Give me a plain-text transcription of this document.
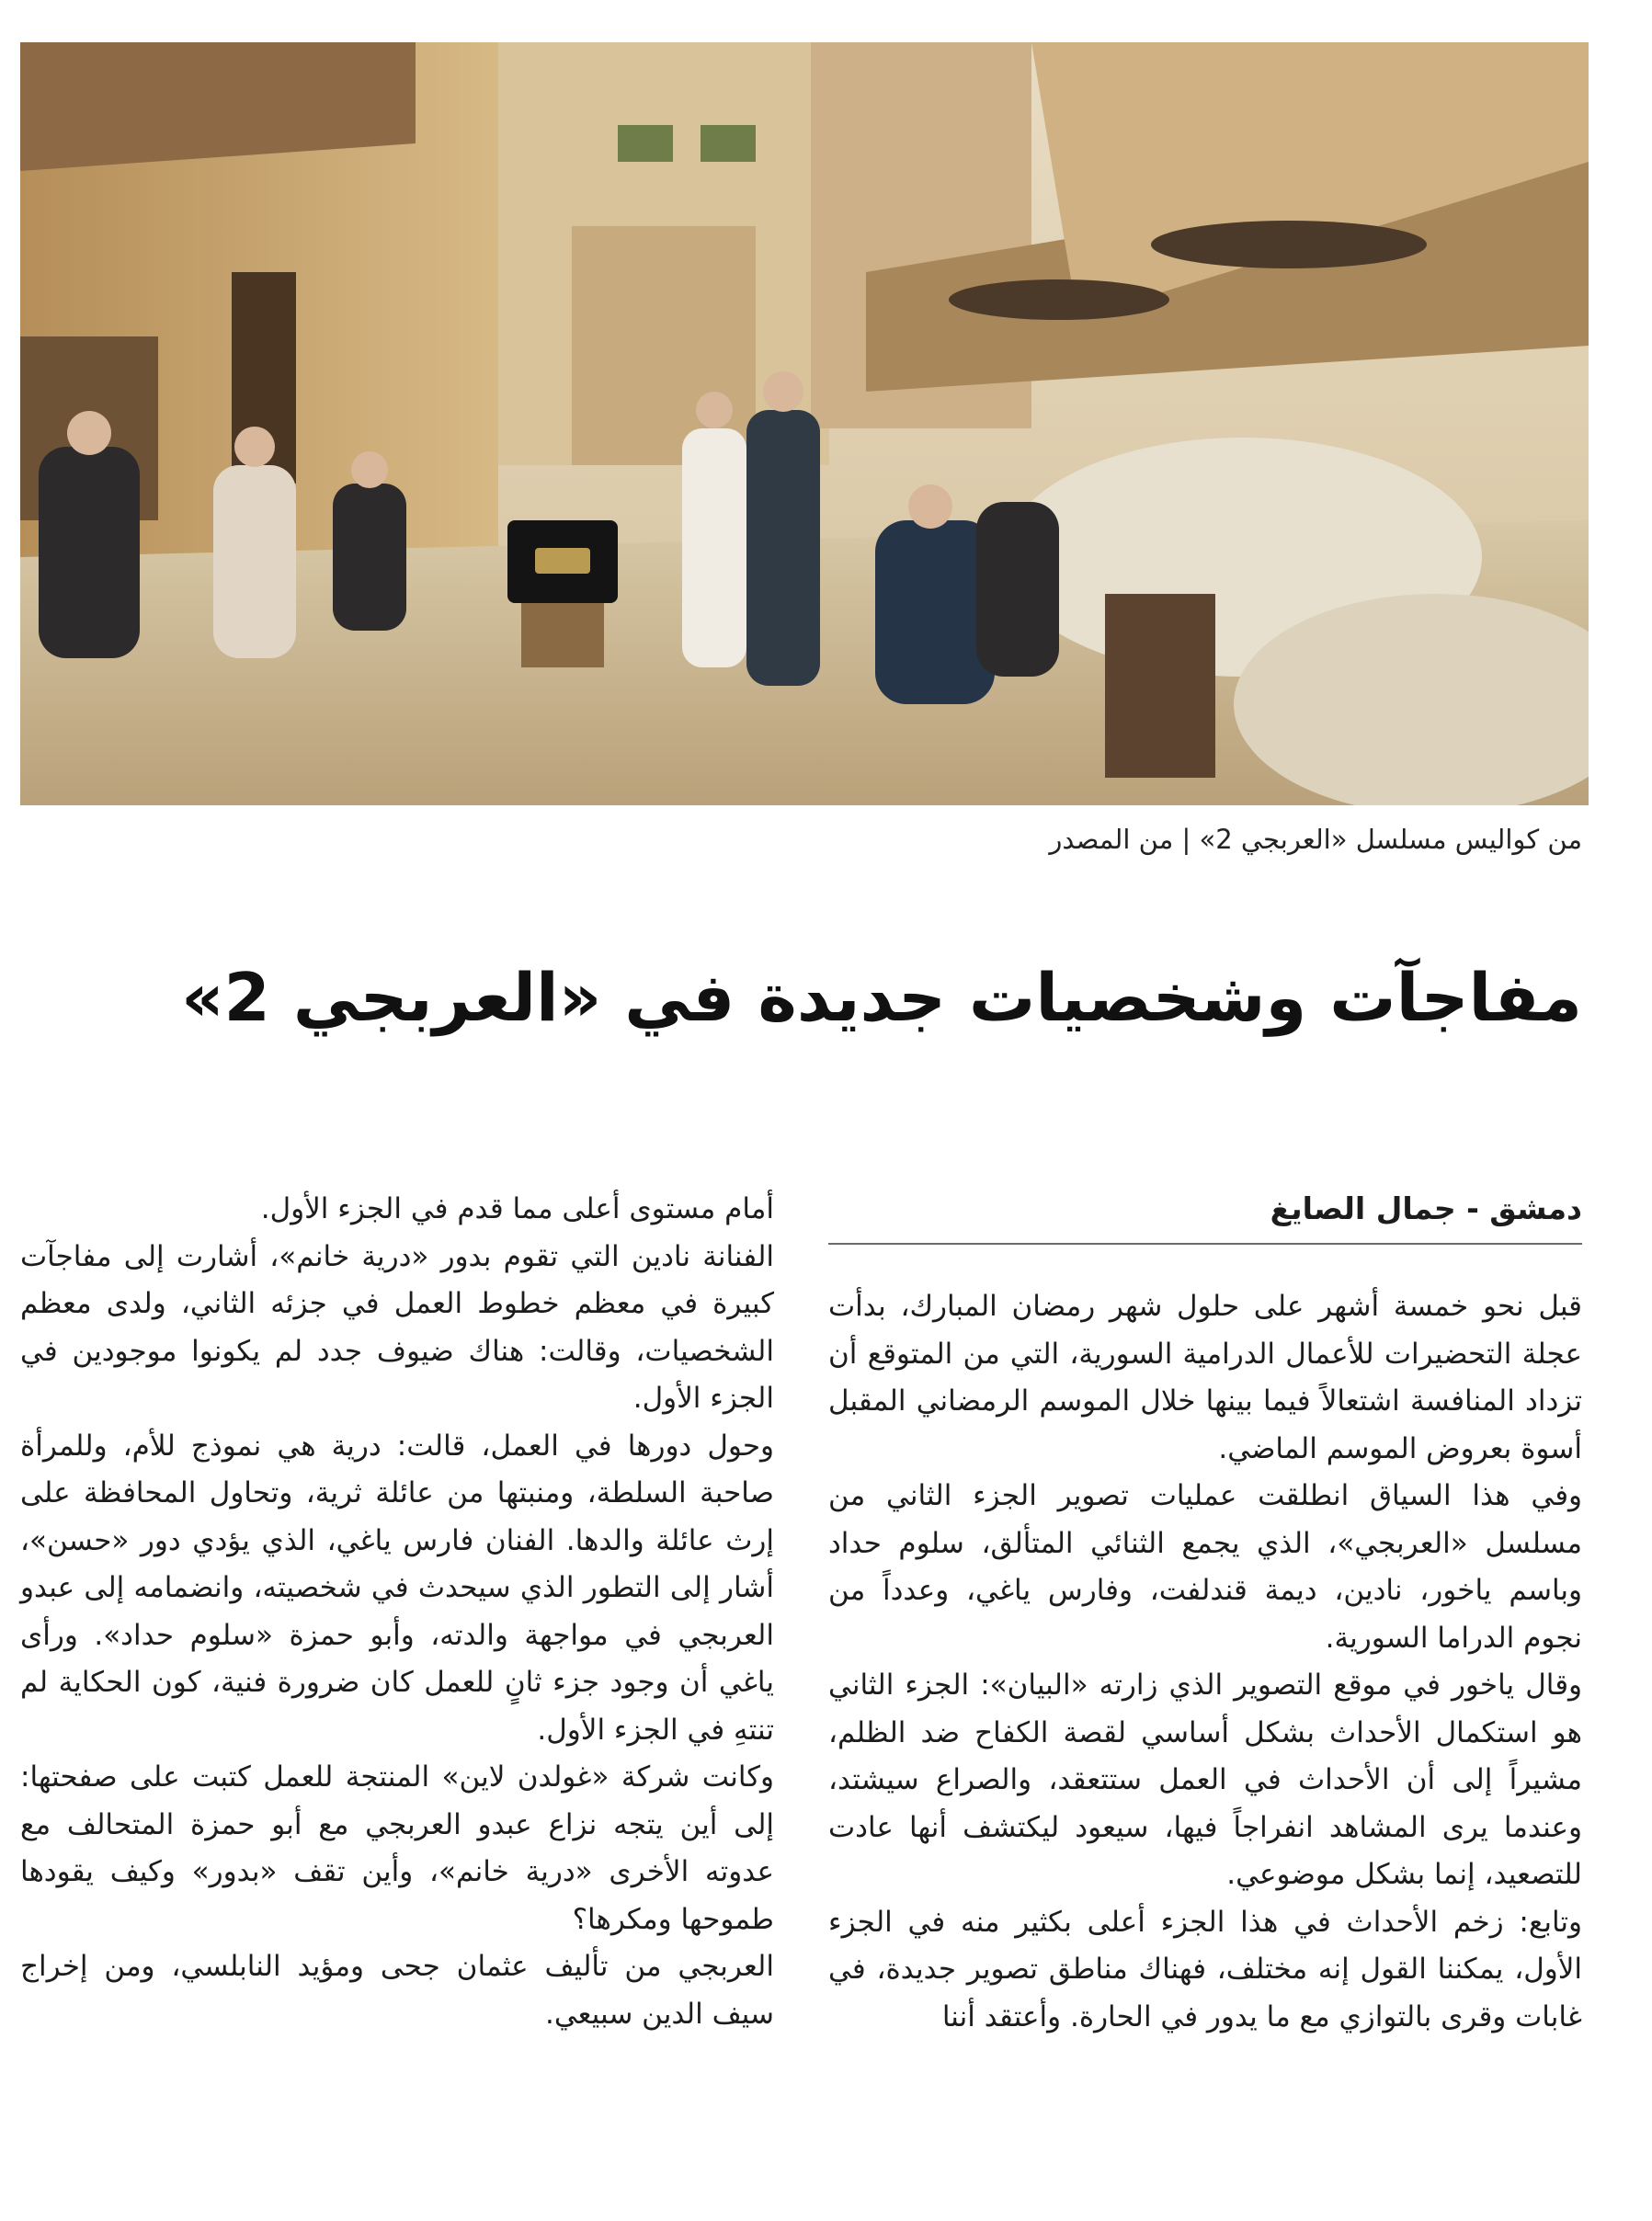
من كواليس مسلسل «العربجي 2» | من المصدر
مفاجآت وشخصيات جديدة في «العربجي 2»
دمشق - جمال الصايغ

قبل نحو خمسة أشهر على حلول شهر رمضان المبارك، بدأت عجلة التحضيرات للأعمال الدرامية السورية، التي من المتوقع أن تزداد المنافسة اشتعالاً فيما بينها خلال الموسم الرمضاني المقبل أسوة بعروض الموسم الماضي.

وفي هذا السياق انطلقت عمليات تصوير الجزء الثاني من مسلسل «العربجي»، الذي يجمع الثنائي المتألق، سلوم حداد وباسم ياخور، نادين، ديمة قندلفت، وفارس ياغي، وعدداً من نجوم الدراما السورية.

وقال ياخور في موقع التصوير الذي زارته «البيان»: الجزء الثاني هو استكمال الأحداث بشكل أساسي لقصة الكفاح ضد الظلم، مشيراً إلى أن الأحداث في العمل ستتعقد، والصراع سيشتد، وعندما يرى المشاهد انفراجاً فيها، سيعود ليكتشف أنها عادت للتصعيد، إنما بشكل موضوعي.

وتابع: زخم الأحداث في هذا الجزء أعلى بكثير منه في الجزء الأول، يمكننا القول إنه مختلف، فهناك مناطق تصوير جديدة، في غابات وقرى بالتوازي مع ما يدور في الحارة. وأعتقد أننا

أمام مستوى أعلى مما قدم في الجزء الأول.

الفنانة نادين التي تقوم بدور «درية خانم»، أشارت إلى مفاجآت كبيرة في معظم خطوط العمل في جزئه الثاني، ولدى معظم الشخصيات، وقالت: هناك ضيوف جدد لم يكونوا موجودين في الجزء الأول.

وحول دورها في العمل، قالت: درية هي نموذج للأم، وللمرأة صاحبة السلطة، ومنبتها من عائلة ثرية، وتحاول المحافظة على إرث عائلة والدها. الفنان فارس ياغي، الذي يؤدي دور «حسن»، أشار إلى التطور الذي سيحدث في شخصيته، وانضمامه إلى عبدو العربجي في مواجهة والدته، وأبو حمزة «سلوم حداد». ورأى ياغي أن وجود جزء ثانٍ للعمل كان ضرورة فنية، كون الحكاية لم تنتهِ في الجزء الأول.

وكانت شركة «غولدن لاين» المنتجة للعمل كتبت على صفحتها: إلى أين يتجه نزاع عبدو العربجي مع أبو حمزة المتحالف مع عدوته الأخرى «درية خانم»، وأين تقف «بدور» وكيف يقودها طموحها ومكرها؟

العربجي من تأليف عثمان جحى ومؤيد النابلسي، ومن إخراج سيف الدين سبيعي.
